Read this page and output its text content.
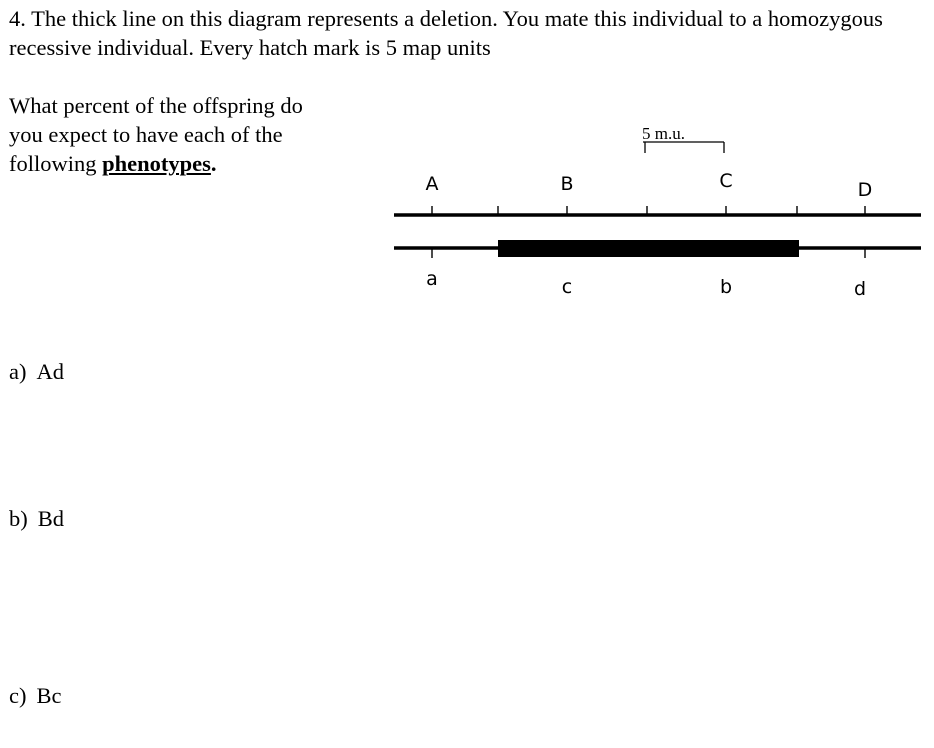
4. The thick line on this diagram represents a deletion. You mate this individual to a homozygous recessive individual. Every hatch mark is 5 map units

What percent of the offspring do you expect to have each of the following phenotypes.

5 m.u.
A	B	C	D
a	c	b	d

a) Ad

b) Bd

c) Bc
